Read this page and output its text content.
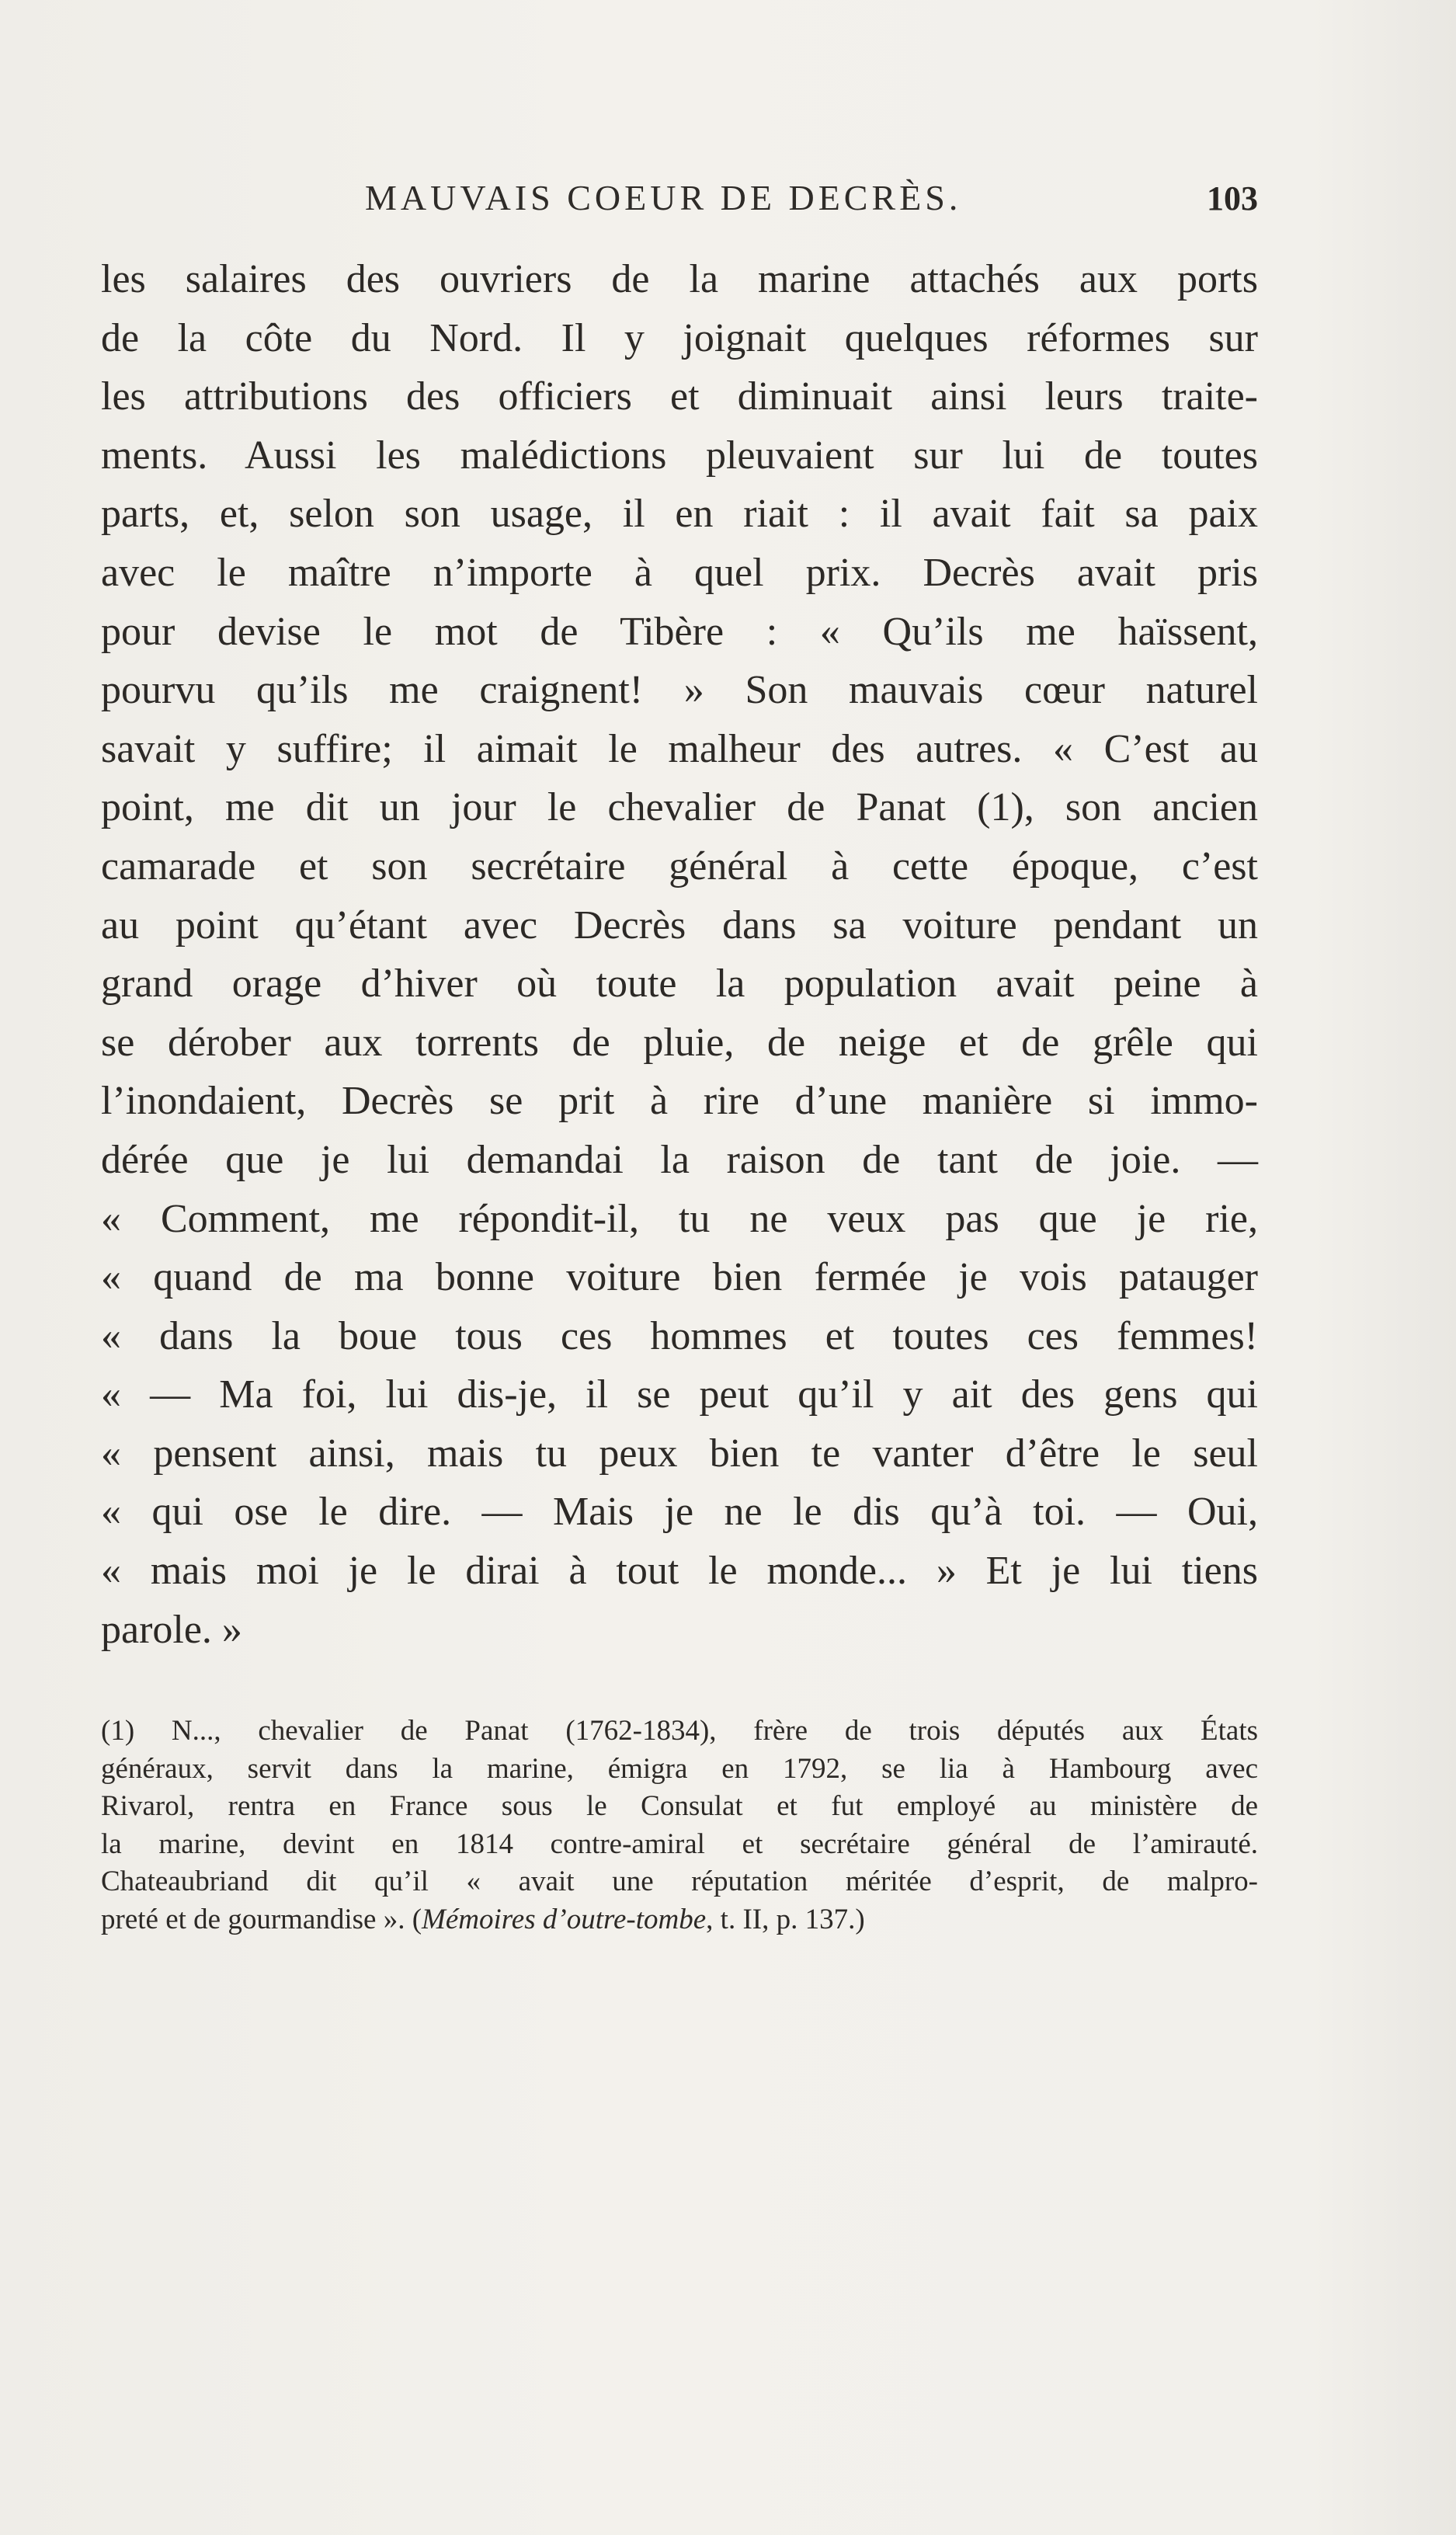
MAUVAIS COEUR DE DECRÈS.	103
les salaires des ouvriers de la marine attachés aux ports
de la côte du Nord. Il y joignait quelques réformes sur
les attributions des officiers et diminuait ainsi leurs traite-
ments. Aussi les malédictions pleuvaient sur lui de toutes
parts, et, selon son usage, il en riait : il avait fait sa paix
avec le maître n’importe à quel prix. Decrès avait pris
pour devise le mot de Tibère : « Qu’ils me haïssent,
pourvu qu’ils me craignent! » Son mauvais cœur naturel
savait y suffire; il aimait le malheur des autres. « C’est au
point, me dit un jour le chevalier de Panat (1), son ancien
camarade et son secrétaire général à cette époque, c’est
au point qu’étant avec Decrès dans sa voiture pendant un
grand orage d’hiver où toute la population avait peine à
se dérober aux torrents de pluie, de neige et de grêle qui
l’inondaient, Decrès se prit à rire d’une manière si immo-
dérée que je lui demandai la raison de tant de joie. —
« Comment, me répondit-il, tu ne veux pas que je rie,
« quand de ma bonne voiture bien fermée je vois patauger
« dans la boue tous ces hommes et toutes ces femmes!
« — Ma foi, lui dis-je, il se peut qu’il y ait des gens qui
« pensent ainsi, mais tu peux bien te vanter d’être le seul
« qui ose le dire. — Mais je ne le dis qu’à toi. — Oui,
« mais moi je le dirai à tout le monde... » Et je lui tiens
parole. »
(1) N..., chevalier de Panat (1762-1834), frère de trois députés aux États
généraux, servit dans la marine, émigra en 1792, se lia à Hambourg avec
Rivarol, rentra en France sous le Consulat et fut employé au ministère de
la marine, devint en 1814 contre-amiral et secrétaire général de l’amirauté.
Chateaubriand dit qu’il « avait une réputation méritée d’esprit, de malpro-
preté et de gourmandise ». (Mémoires d’outre-tombe, t. II, p. 137.)
